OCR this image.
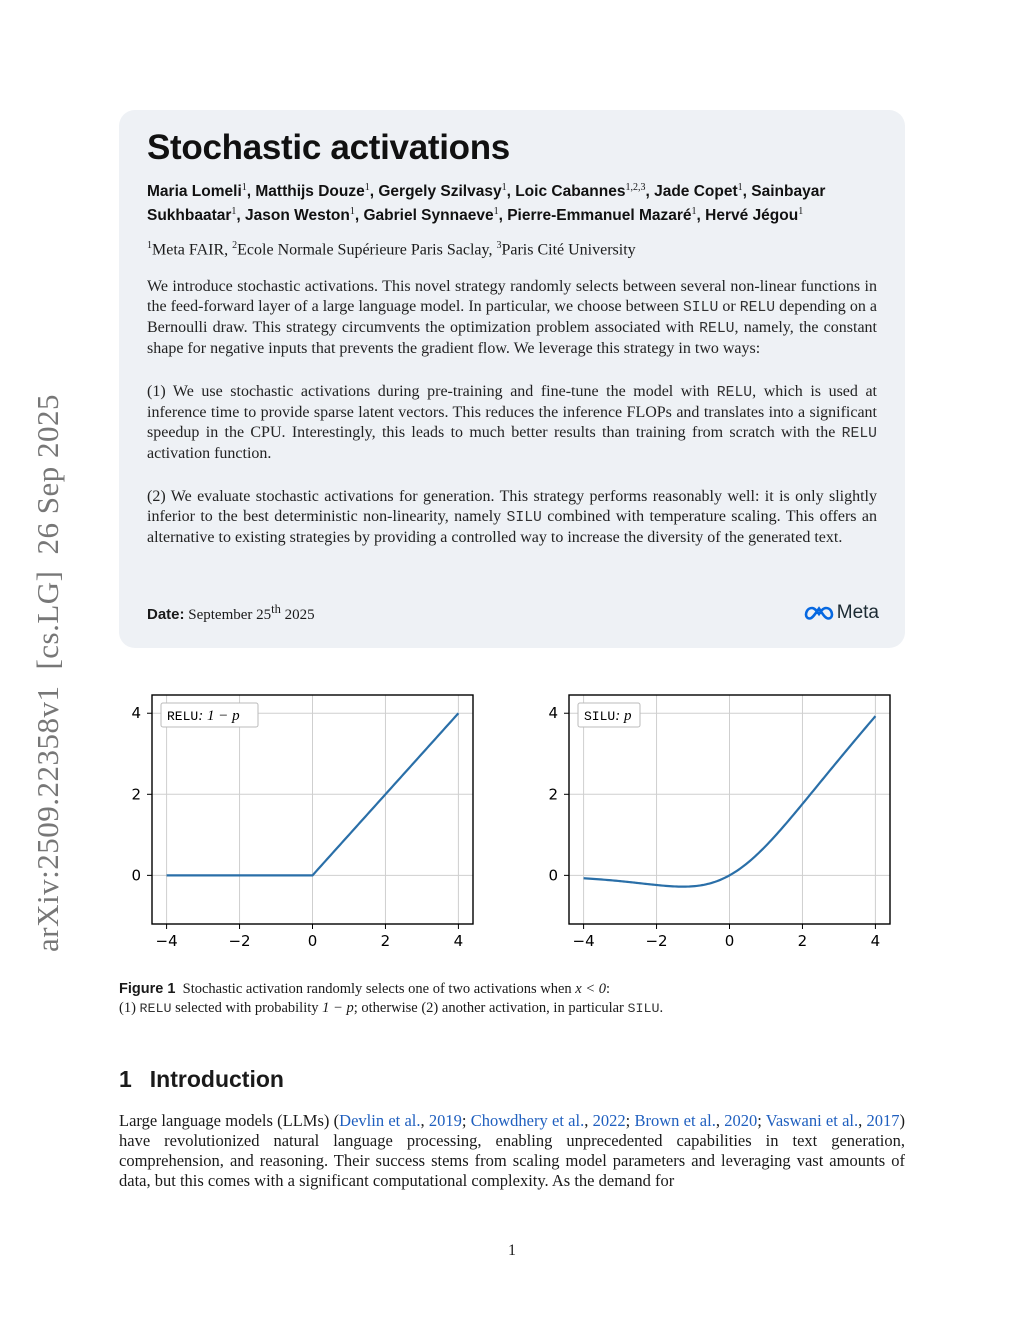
arXiv:2509.22358v1[cs.LG]26 Sep 2025
Stochastic activations
Maria Lomeli$^1$, Matthijs Douze$^1$, Gergely Szilvasy$^1$, Loic Cabannes$^{1,2,3}$, Jade Copet$^1$, Sainbayar Sukhbaatar$^1$, Jason Weston$^1$, Gabriel Synnaeve$^1$, Pierre-Emmanuel Mazaré$^1$, Hervé Jégou$^1$
$^1$Meta FAIR, $^2$Ecole Normale Supérieure Paris Saclay, $^3$Paris Cité University
We introduce stochastic activations. This novel strategy randomly selects between several non-linear functions in the feed-forward layer of a large language model. In particular, we choose between SILU or RELU depending on a Bernoulli draw. This strategy circumvents the optimization problem associated with RELU, namely, the constant shape for negative inputs that prevents the gradient flow. We leverage this strategy in two ways:
(1) We use stochastic activations during pre-training and fine-tune the model with RELU, which is used at inference time to provide sparse latent vectors. This reduces the inference FLOPs and translates into a significant speedup in the CPU. Interestingly, this leads to much better results than training from scratch with the RELU activation function.
(2) We evaluate stochastic activations for generation. This strategy performs reasonably well: it is only slightly inferior to the best deterministic non-linearity, namely SILU combined with temperature scaling. This offers an alternative to existing strategies by providing a controlled way to increase the diversity of the generated text.
Date: September 25th 2025	Meta
−4	−2	0	2	4
0
2
4 RELU: 1 − p
−4	−2	0	2	4
0
2
4 SILU: p
Figure 1 Stochastic activation randomly selects one of two activations when x < 0:
(1) RELU selected with probability 1 − p; otherwise (2) another activation, in particular SILU.
1 Introduction
Large language models (LLMs) (Devlin et al., 2019; Chowdhery et al., 2022; Brown et al., 2020; Vaswani et al., 2017) have revolutionized natural language processing, enabling unprecedented capabilities in text generation, comprehension, and reasoning. Their success stems from scaling model parameters and leveraging vast amounts of data, but this comes with a significant computational complexity. As the demand for
1
